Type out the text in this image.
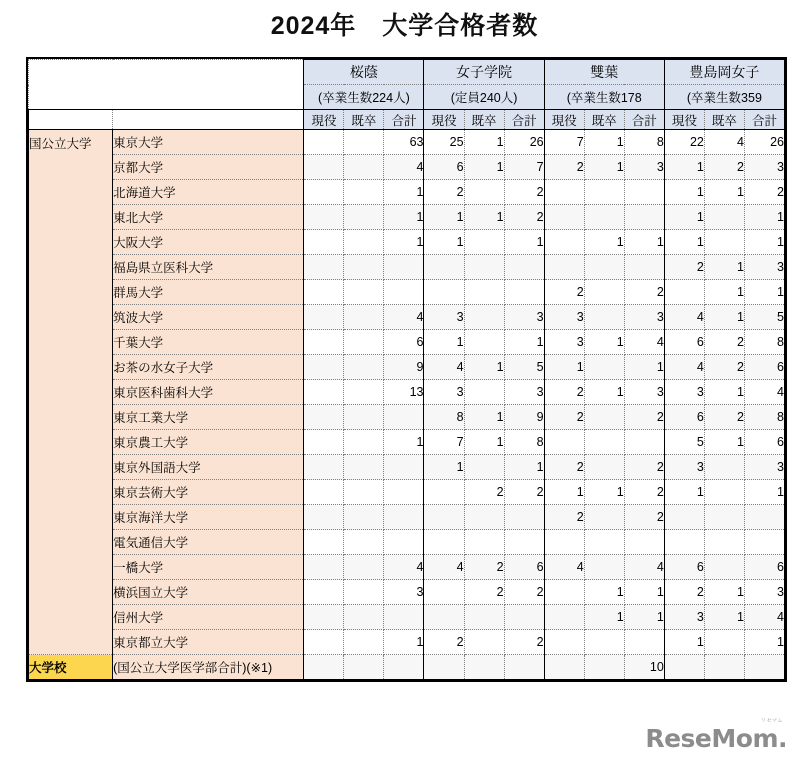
2024年　大学合格者数
		桜蔭			女子学院			雙葉			豊島岡女子		
		(卒業生数224人)			(定員240人)			(卒業生数178			(卒業生数359		
		現役	既卒	合計	現役	既卒	合計	現役	既卒	合計	現役	既卒	合計
国公立大学	東京大学			63	25	1	26	7	1	8	22	4	26
	京都大学			4	6	1	7	2	1	3	1	2	3
	北海道大学			1	2		2				1	1	2
	東北大学			1	1	1	2				1		1
	大阪大学			1	1		1		1	1	1		1
	福島県立医科大学										2	1	3
	群馬大学							2		2		1	1
	筑波大学			4	3		3	3		3	4	1	5
	千葉大学			6	1		1	3	1	4	6	2	8
	お茶の水女子大学			9	4	1	5	1		1	4	2	6
	東京医科歯科大学			13	3		3	2	1	3	3	1	4
	東京工業大学				8	1	9	2		2	6	2	8
	東京農工大学			1	7	1	8				5	1	6
	東京外国語大学				1		1	2		2	3		3
	東京芸術大学					2	2	1	1	2	1		1
	東京海洋大学							2		2			
	電気通信大学												
	一橋大学			4	4	2	6	4		4	6		6
	横浜国立大学			3		2	2		1	1	2	1	3
	信州大学								1	1	3	1	4
	東京都立大学			1	2		2				1		1
大学校	(国公立大学医学部合計)(※1)									10			
リセマム
ReseMom.
